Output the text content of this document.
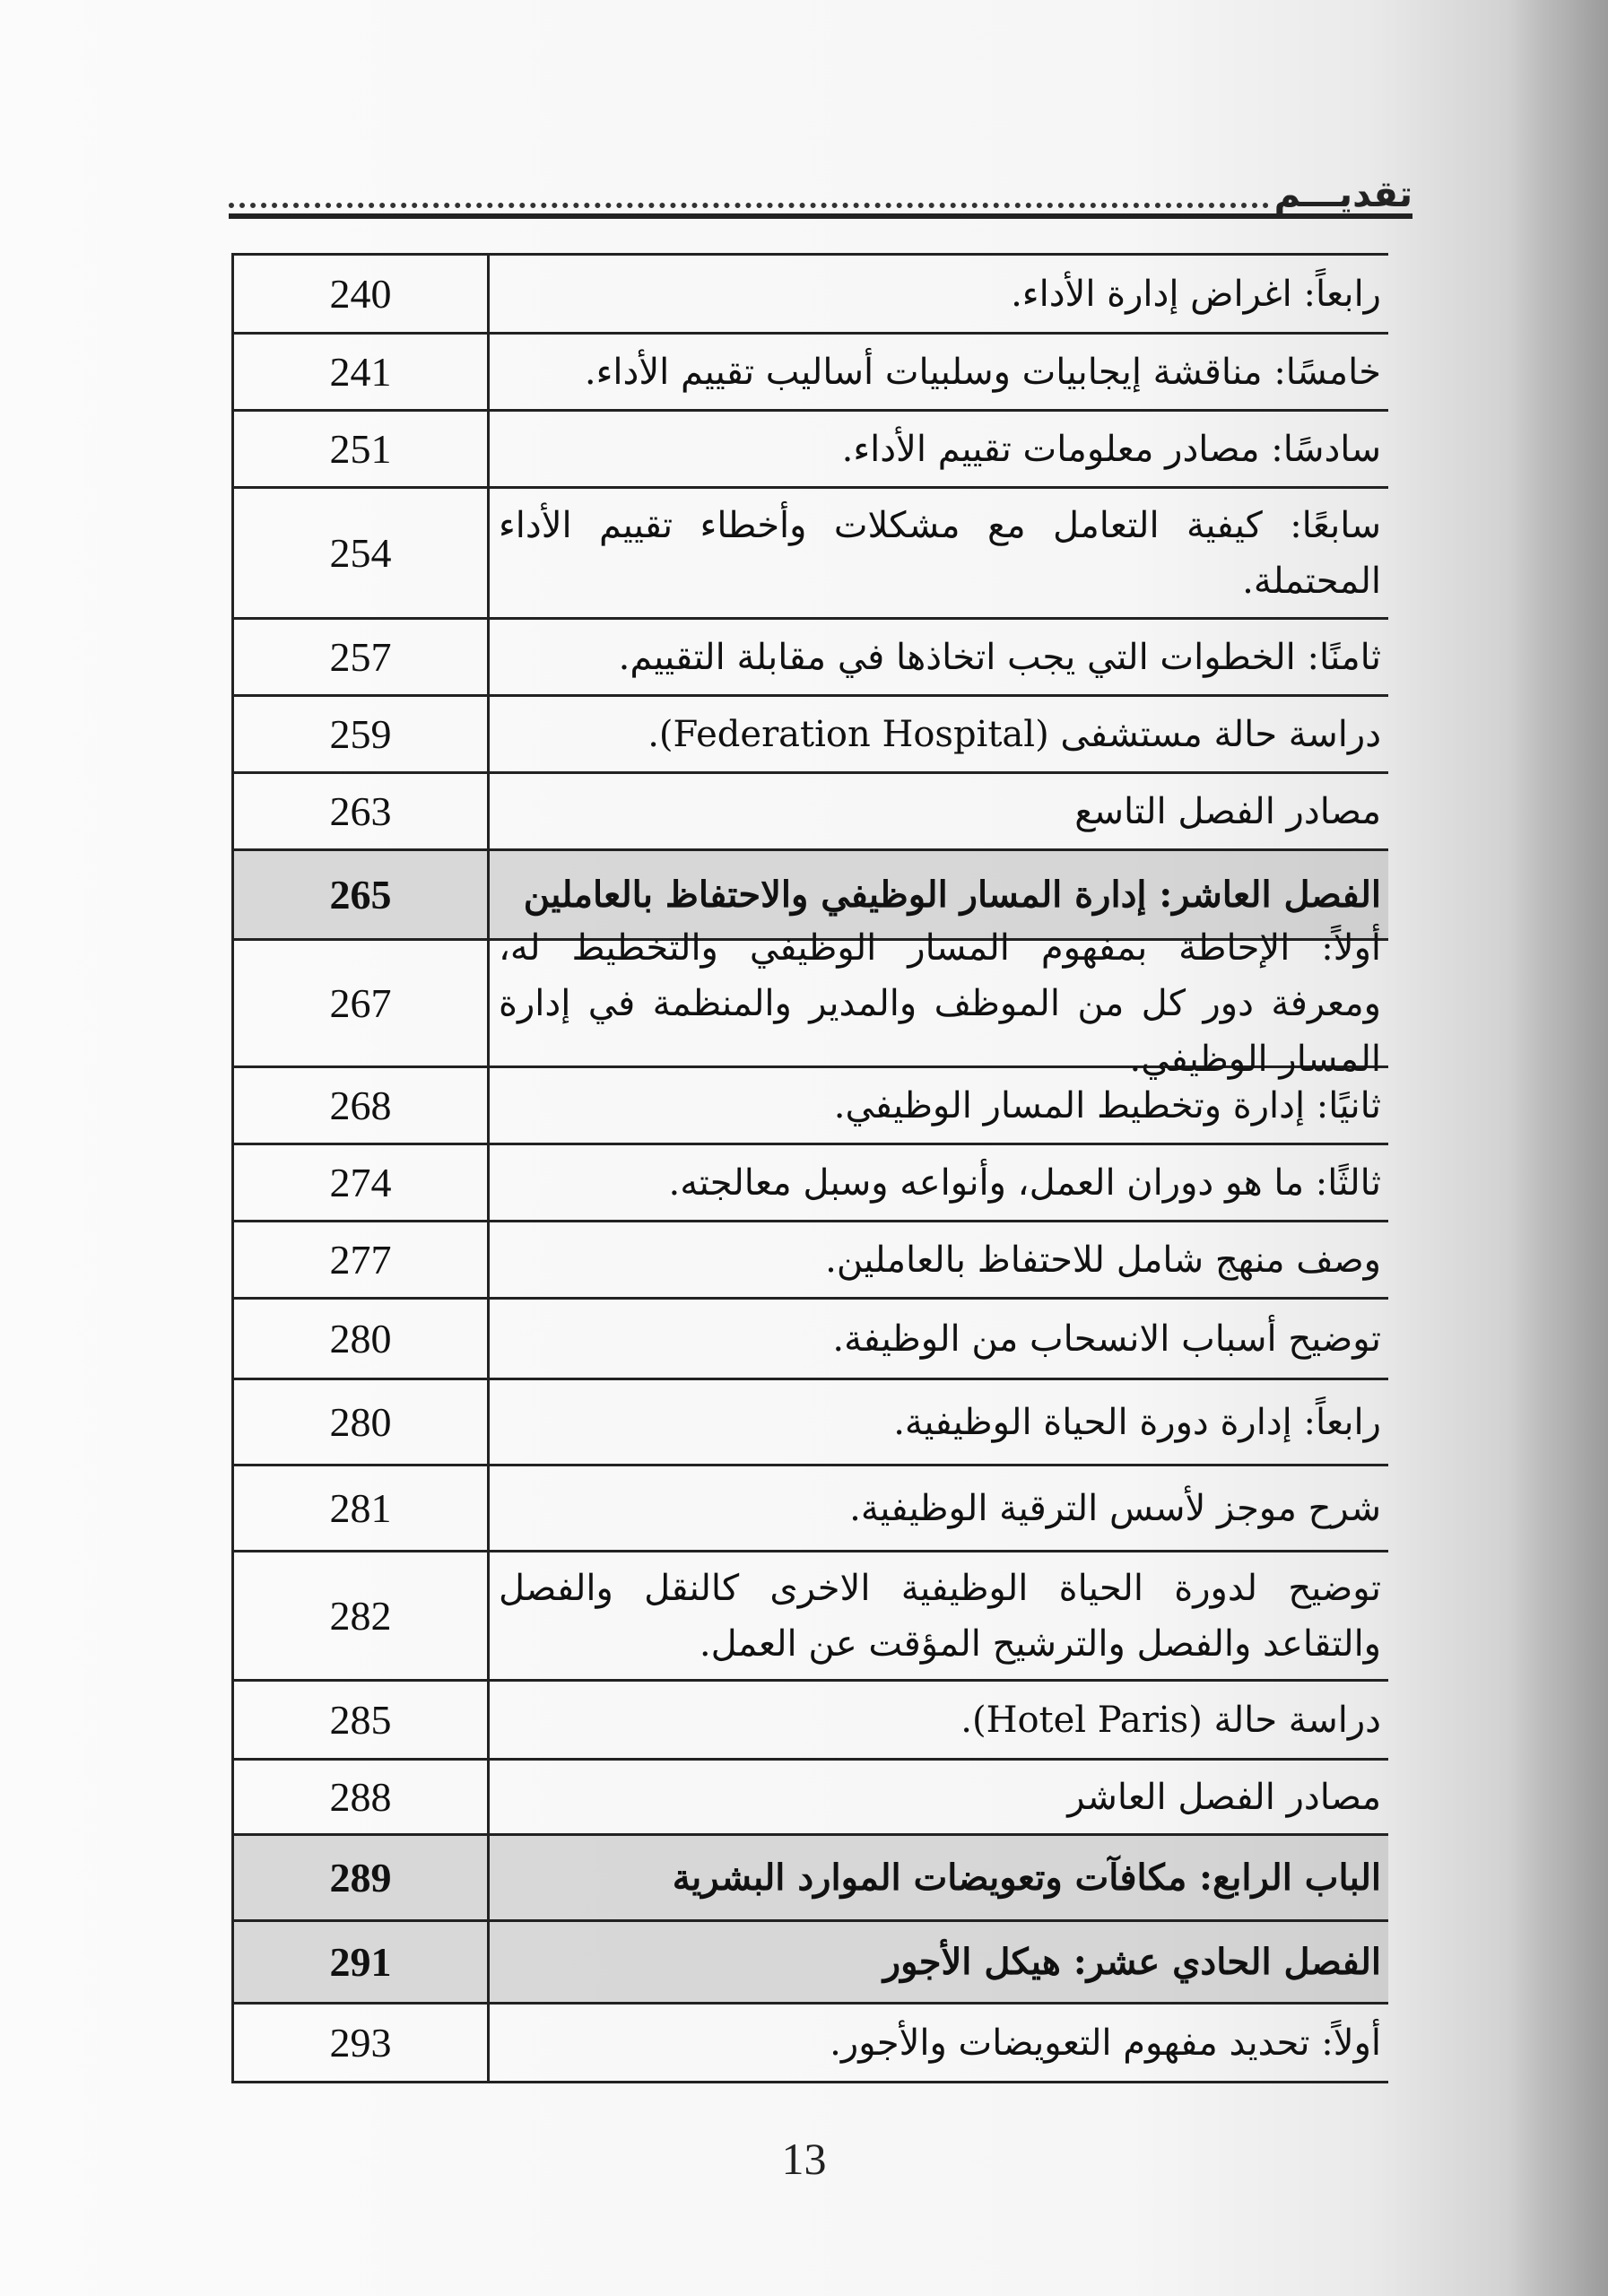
تقديـــم
رابعاً: اغراض إدارة الأداء.
240
خامسًا: مناقشة إيجابيات وسلبيات أساليب تقييم الأداء.
241
سادسًا: مصادر معلومات تقييم الأداء.
251
سابعًا: كيفية التعامل مع مشكلات وأخطاء تقييم الأداء المحتملة.
254
ثامنًا: الخطوات التي يجب اتخاذها في مقابلة التقييم.
257
دراسة حالة مستشفى (Federation Hospital).
259
مصادر الفصل التاسع
263
الفصل العاشر: إدارة المسار الوظيفي والاحتفاظ بالعاملين
265
أولاً: الإحاطة بمفهوم المسار الوظيفي والتخطيط له، ومعرفة دور كل من الموظف والمدير والمنظمة في إدارة المسار الوظيفي.
267
ثانيًا: إدارة وتخطيط المسار الوظيفي.
268
ثالثًا: ما هو دوران العمل، وأنواعه وسبل معالجته.
274
وصف منهج شامل للاحتفاظ بالعاملين.
277
توضيح أسباب الانسحاب من الوظيفة.
280
رابعاً: إدارة دورة الحياة الوظيفية.
280
شرح موجز لأسس الترقية الوظيفية.
281
توضيح لدورة الحياة الوظيفية الاخرى كالنقل والفصل والتقاعد والفصل والترشيح المؤقت عن العمل.
282
دراسة حالة (Hotel Paris).
285
مصادر الفصل العاشر
288
الباب الرابع: مكافآت وتعويضات الموارد البشرية
289
الفصل الحادي عشر: هيكل الأجور
291
أولاً: تحديد مفهوم التعويضات والأجور.
293
13
